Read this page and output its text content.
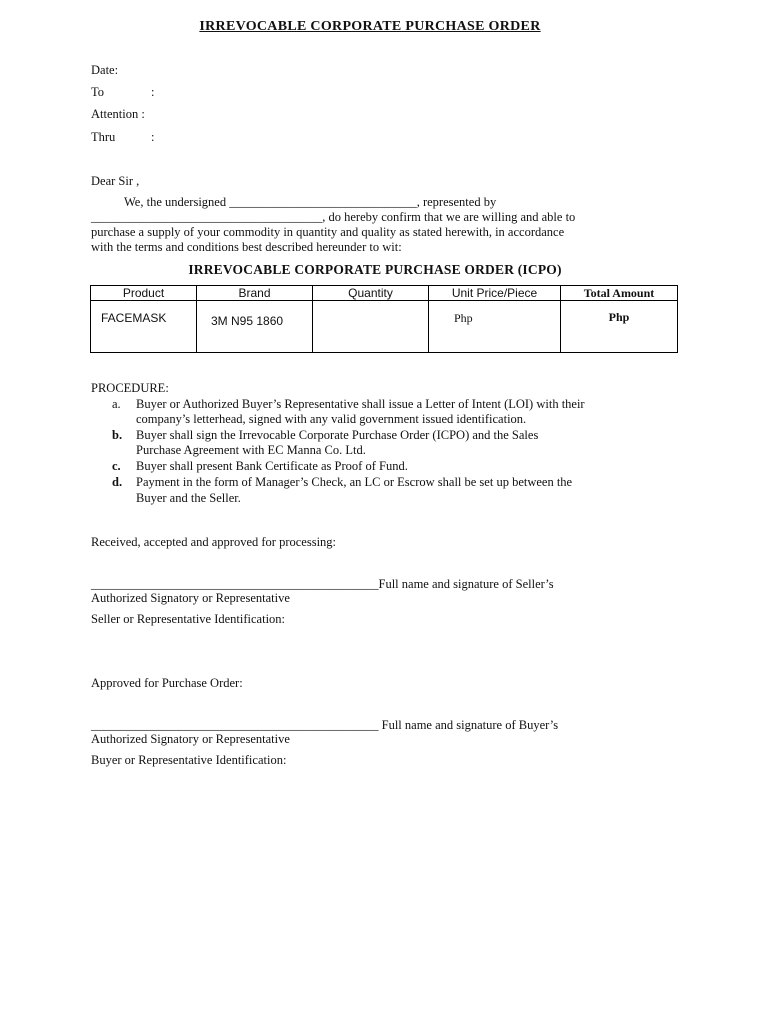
IRREVOCABLE CORPORATE PURCHASE ORDER
Date:
To	:
Attention :
Thru	:
Dear Sir ,
We, the undersigned ______________________________, represented by
_____________________________________, do hereby confirm that we are willing and able to
purchase a supply of your commodity in quantity and quality as stated herewith, in accordance
with the terms and conditions best described hereunder to wit:
IRREVOCABLE CORPORATE PURCHASE ORDER (ICPO)
Product	Brand	Quantity	Unit Price/Piece	Total Amount

FACEMASK	3M N95 1860		Php	Php
PROCEDURE:
a. Buyer or Authorized Buyer’s Representative shall issue a Letter of Intent (LOI) with their
company’s letterhead, signed with any valid government issued identification.
b. Buyer shall sign the Irrevocable Corporate Purchase Order (ICPO) and the Sales
Purchase Agreement with EC Manna Co. Ltd.
c. Buyer shall present Bank Certificate as Proof of Fund.
d. Payment in the form of Manager’s Check, an LC or Escrow shall be set up between the
Buyer and the Seller.
Received, accepted and approved for processing:
______________________________________________Full name and signature of Seller’s
Authorized Signatory or Representative
Seller or Representative Identification:
Approved for Purchase Order:
______________________________________________ Full name and signature of Buyer’s
Authorized Signatory or Representative
Buyer or Representative Identification:
